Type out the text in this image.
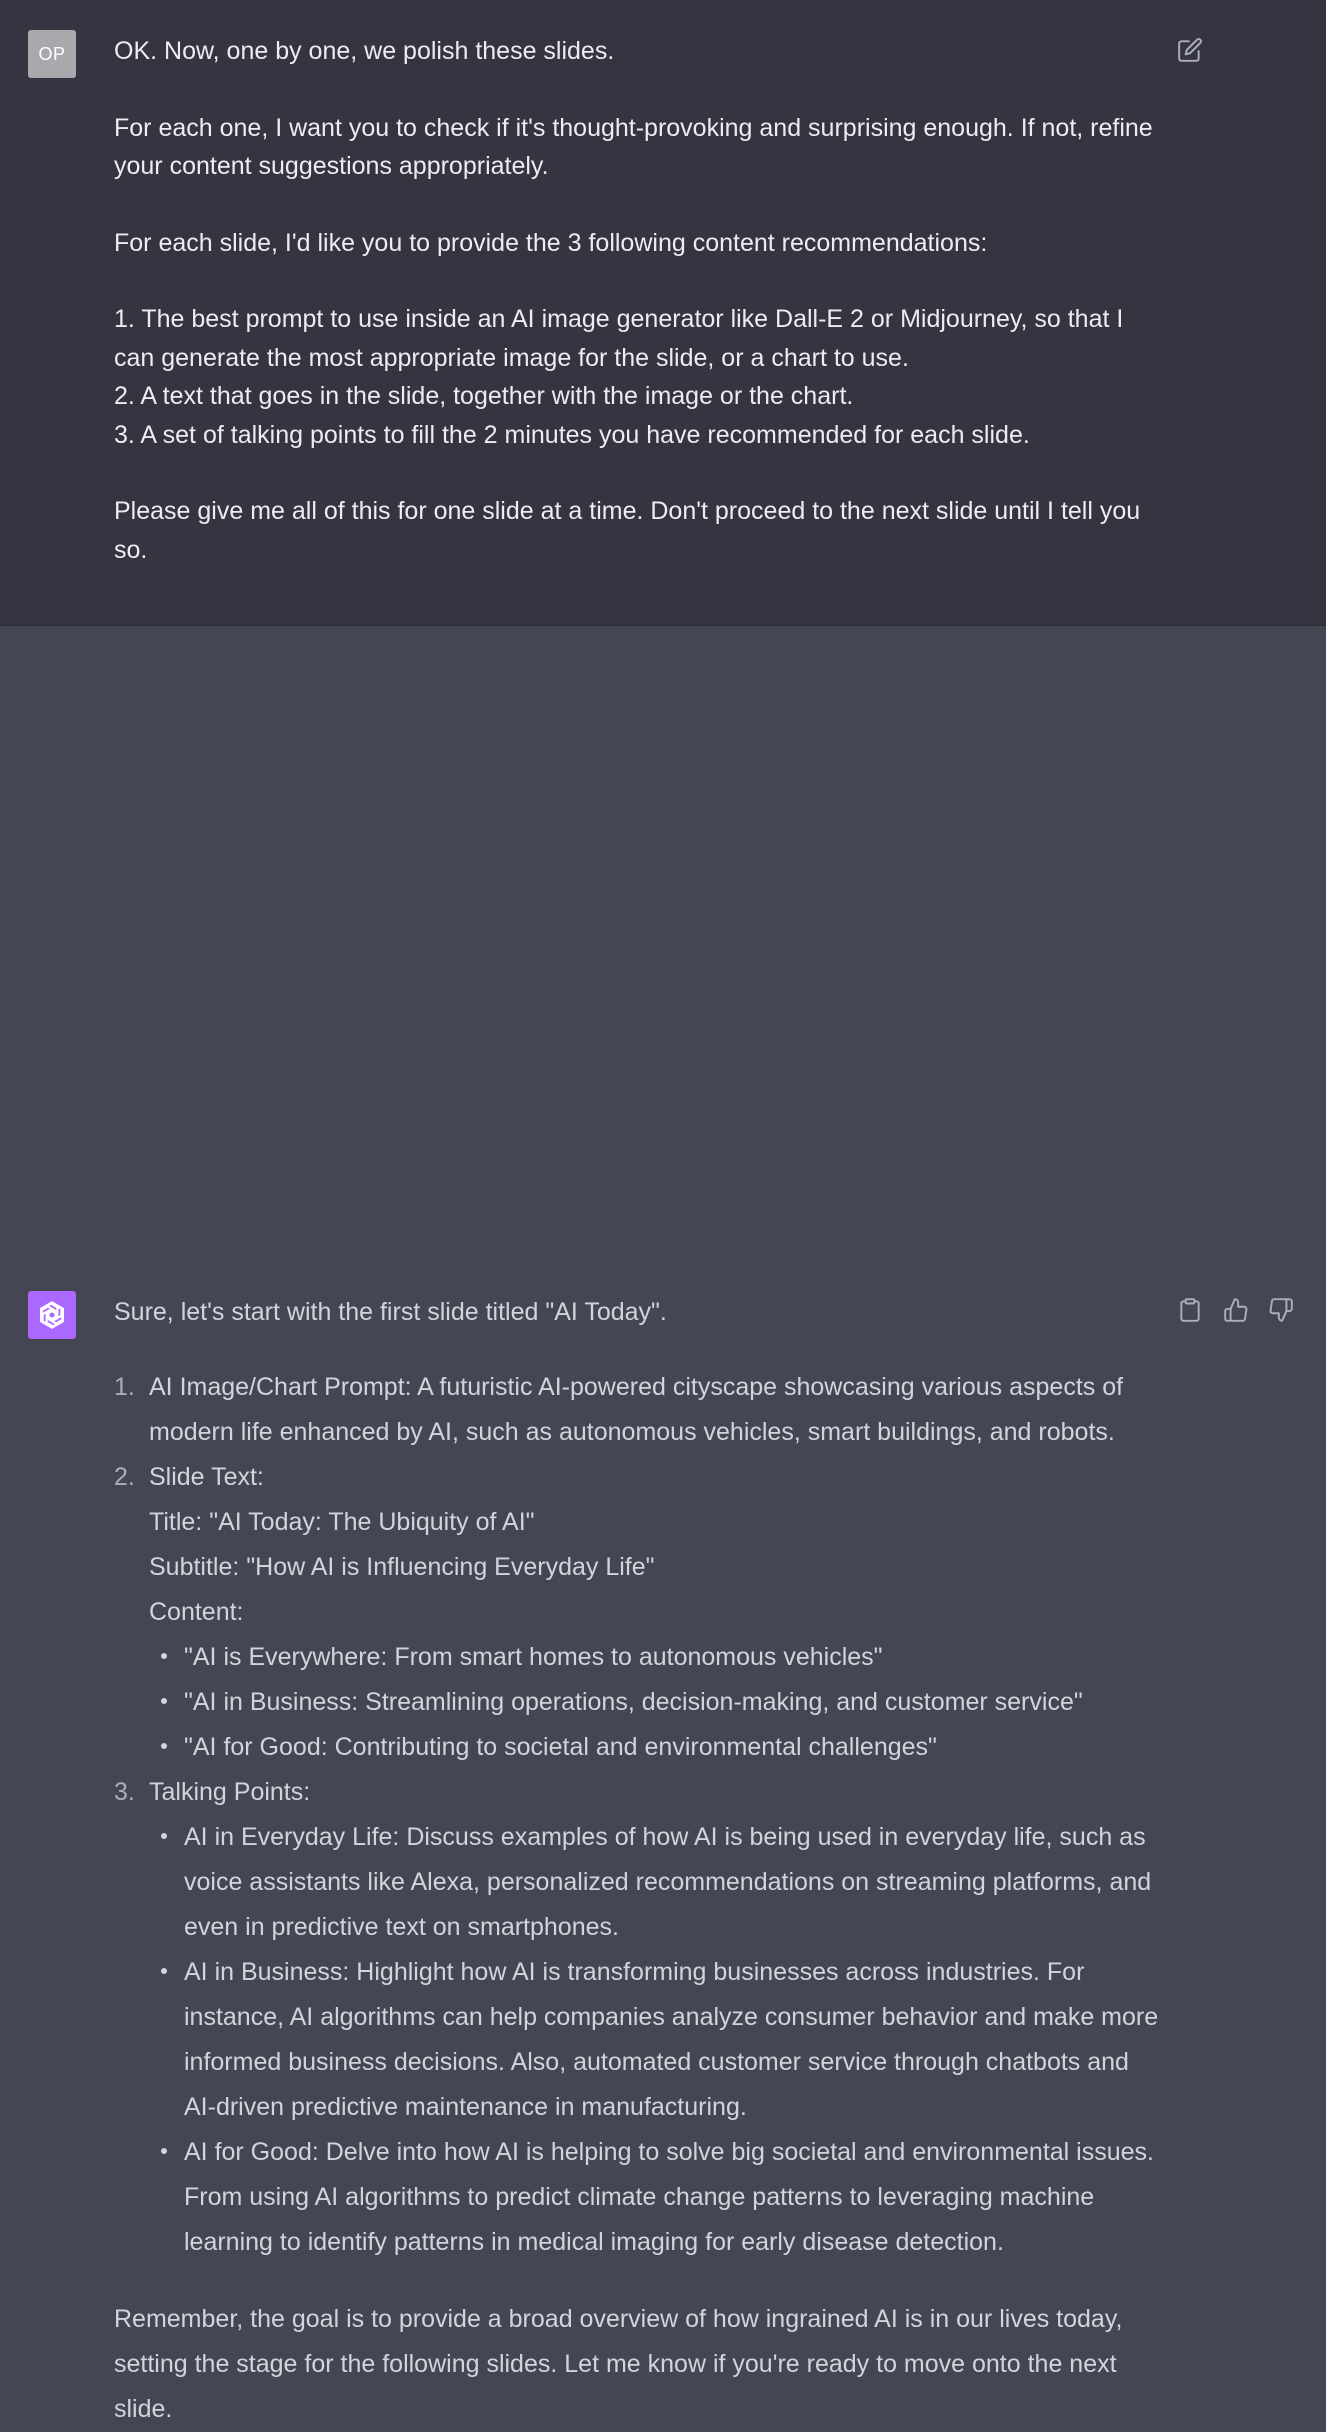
OP OK. Now, one by one, we polish these slides.

For each one, I want you to check if it's thought-provoking and surprising enough. If not, refine your content suggestions appropriately.

For each slide, I'd like you to provide the 3 following content recommendations:

1. The best prompt to use inside an AI image generator like Dall-E 2 or Midjourney, so that I can generate the most appropriate image for the slide, or a chart to use.
2. A text that goes in the slide, together with the image or the chart.
3. A set of talking points to fill the 2 minutes you have recommended for each slide.

Please give me all of this for one slide at a time. Don't proceed to the next slide until I tell you so.

Sure, let's start with the first slide titled "AI Today".

1. AI Image/Chart Prompt: A futuristic AI-powered cityscape showcasing various aspects of modern life enhanced by AI, such as autonomous vehicles, smart buildings, and robots.
2. Slide Text:
Title: "AI Today: The Ubiquity of AI"
Subtitle: "How AI is Influencing Everyday Life"
Content:
"AI is Everywhere: From smart homes to autonomous vehicles"
"AI in Business: Streamlining operations, decision-making, and customer service"
"AI for Good: Contributing to societal and environmental challenges"
3. Talking Points:
AI in Everyday Life: Discuss examples of how AI is being used in everyday life, such as voice assistants like Alexa, personalized recommendations on streaming platforms, and even in predictive text on smartphones.
AI in Business: Highlight how AI is transforming businesses across industries. For instance, AI algorithms can help companies analyze consumer behavior and make more informed business decisions. Also, automated customer service through chatbots and AI-driven predictive maintenance in manufacturing.
AI for Good: Delve into how AI is helping to solve big societal and environmental issues. From using AI algorithms to predict climate change patterns to leveraging machine learning to identify patterns in medical imaging for early disease detection.

Remember, the goal is to provide a broad overview of how ingrained AI is in our lives today, setting the stage for the following slides. Let me know if you're ready to move onto the next slide.
